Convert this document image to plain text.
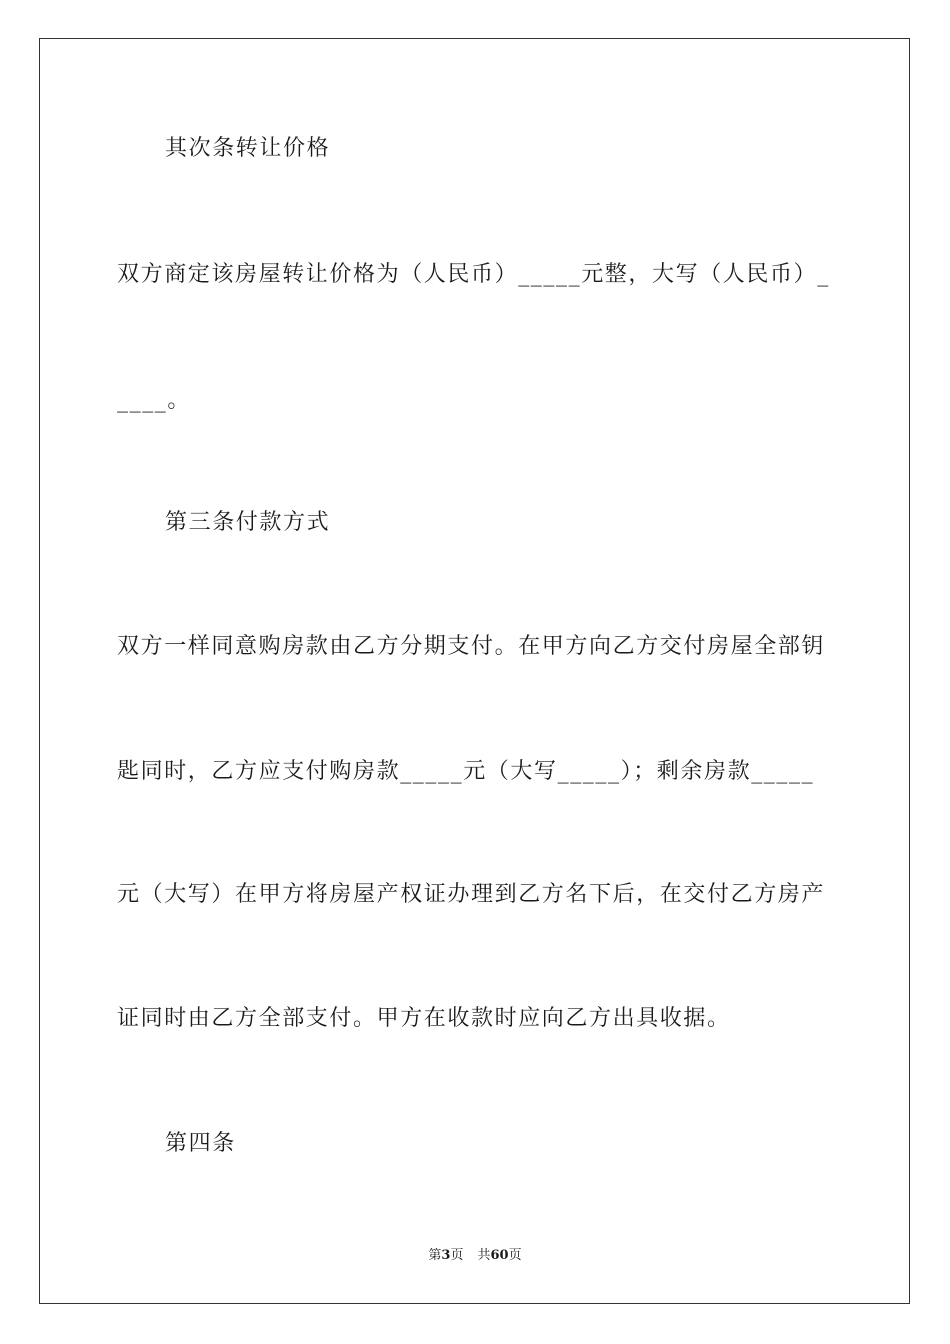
其次条转让价格
双方商定该房屋转让价格为（人民币）_____元整，大写（人民币）_
____。
第三条付款方式
双方一样同意购房款由乙方分期支付。在甲方向乙方交付房屋全部钥
匙同时，乙方应支付购房款_____元（大写_____）；剩余房款_____
元（大写）在甲方将房屋产权证办理到乙方名下后，在交付乙方房产
证同时由乙方全部支付。甲方在收款时应向乙方出具收据。
第四条
第3页 共60页
